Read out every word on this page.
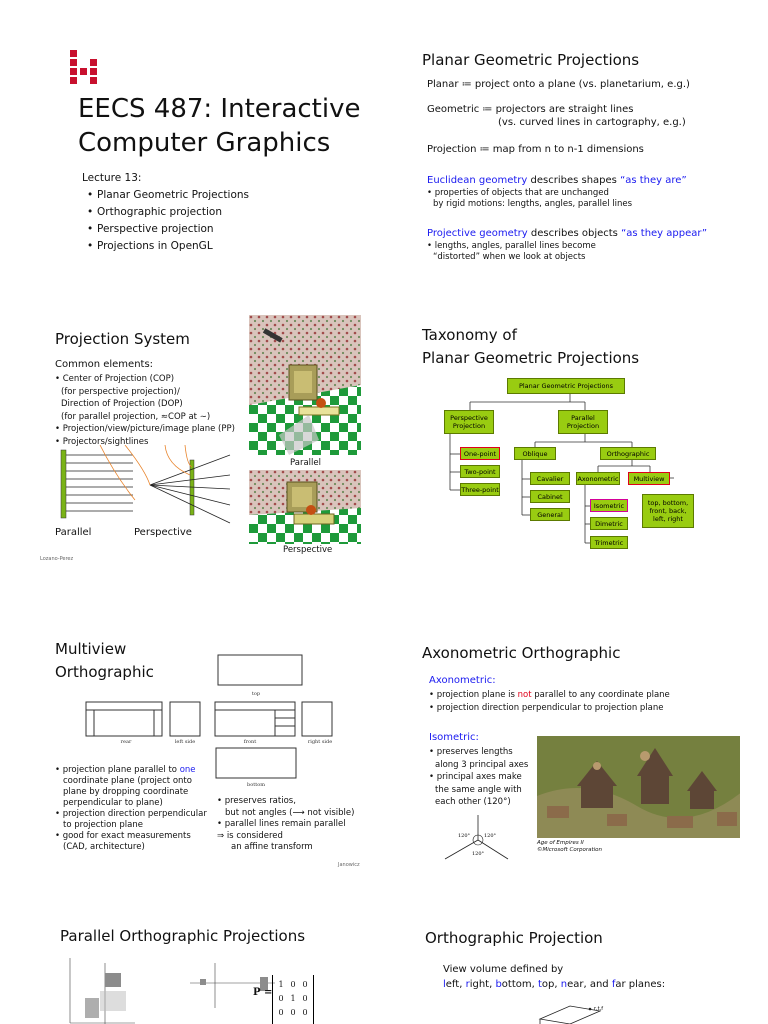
EECS 487: Interactive
Computer Graphics
Lecture 13:
• Planar Geometric Projections
• Orthographic projection
• Perspective projection
• Projections in OpenGL
Planar Geometric Projections
Planar ≔ project onto a plane (vs. planetarium, e.g.)
Geometric ≔ projectors are straight lines
(vs. curved lines in cartography, e.g.)
Projection ≔ map from n to n-1 dimensions
Euclidean geometry describes shapes “as they are”
• properties of objects that are unchanged
by rigid motions: lengths, angles, parallel lines
Projective geometry describes objects “as they appear”
• lengths, angles, parallel lines become
“distorted” when we look at objects
Projection System
Common elements:
• Center of Projection (COP)
(for perspective projection)/
Direction of Projection (DOP)
(for parallel projection, ≈COP at ∼)
• Projection/view/picture/image plane (PP)
• Projectors/sightlines
Parallel	Perspective
Lozano-Perez
Parallel
Perspective
Taxonomy of
Planar Geometric Projections
Planar Geometric Projections
Perspective Projection
Parallel Projection
One-point
Two-point
Three-point
Oblique	Orthographic
Cavalier
Cabinet
General
Axonometric	Multiview
Isometric
Dimetric
Trimetric
top, bottom, front, back, left, right
Multiview
Orthographic
top
rear	left side	front	right side
bottom
• projection plane parallel to one
coordinate plane (project onto
plane by dropping coordinate
perpendicular to plane)
• projection direction perpendicular
to projection plane
• good for exact measurements
(CAD, architecture)
• preserves ratios,
but not angles (⟶ not visible)
• parallel lines remain parallel
⇒ is considered
an affine transform
Janowicz
Axonometric Orthographic
Axonometric:
• projection plane is not parallel to any coordinate plane
• projection direction perpendicular to projection plane
Isometric:
• preserves lengths
along 3 principal axes
• principal axes make
the same angle with
each other (120°)
120°	120°
120°
Age of Empires II
©Microsoft Corporation
Parallel Orthographic Projections
P =
1 0 0
0 1 0
0 0 0
Orthographic Projection
View volume defined by
left, right, bottom, top, near, and far planes:
r,t,f
